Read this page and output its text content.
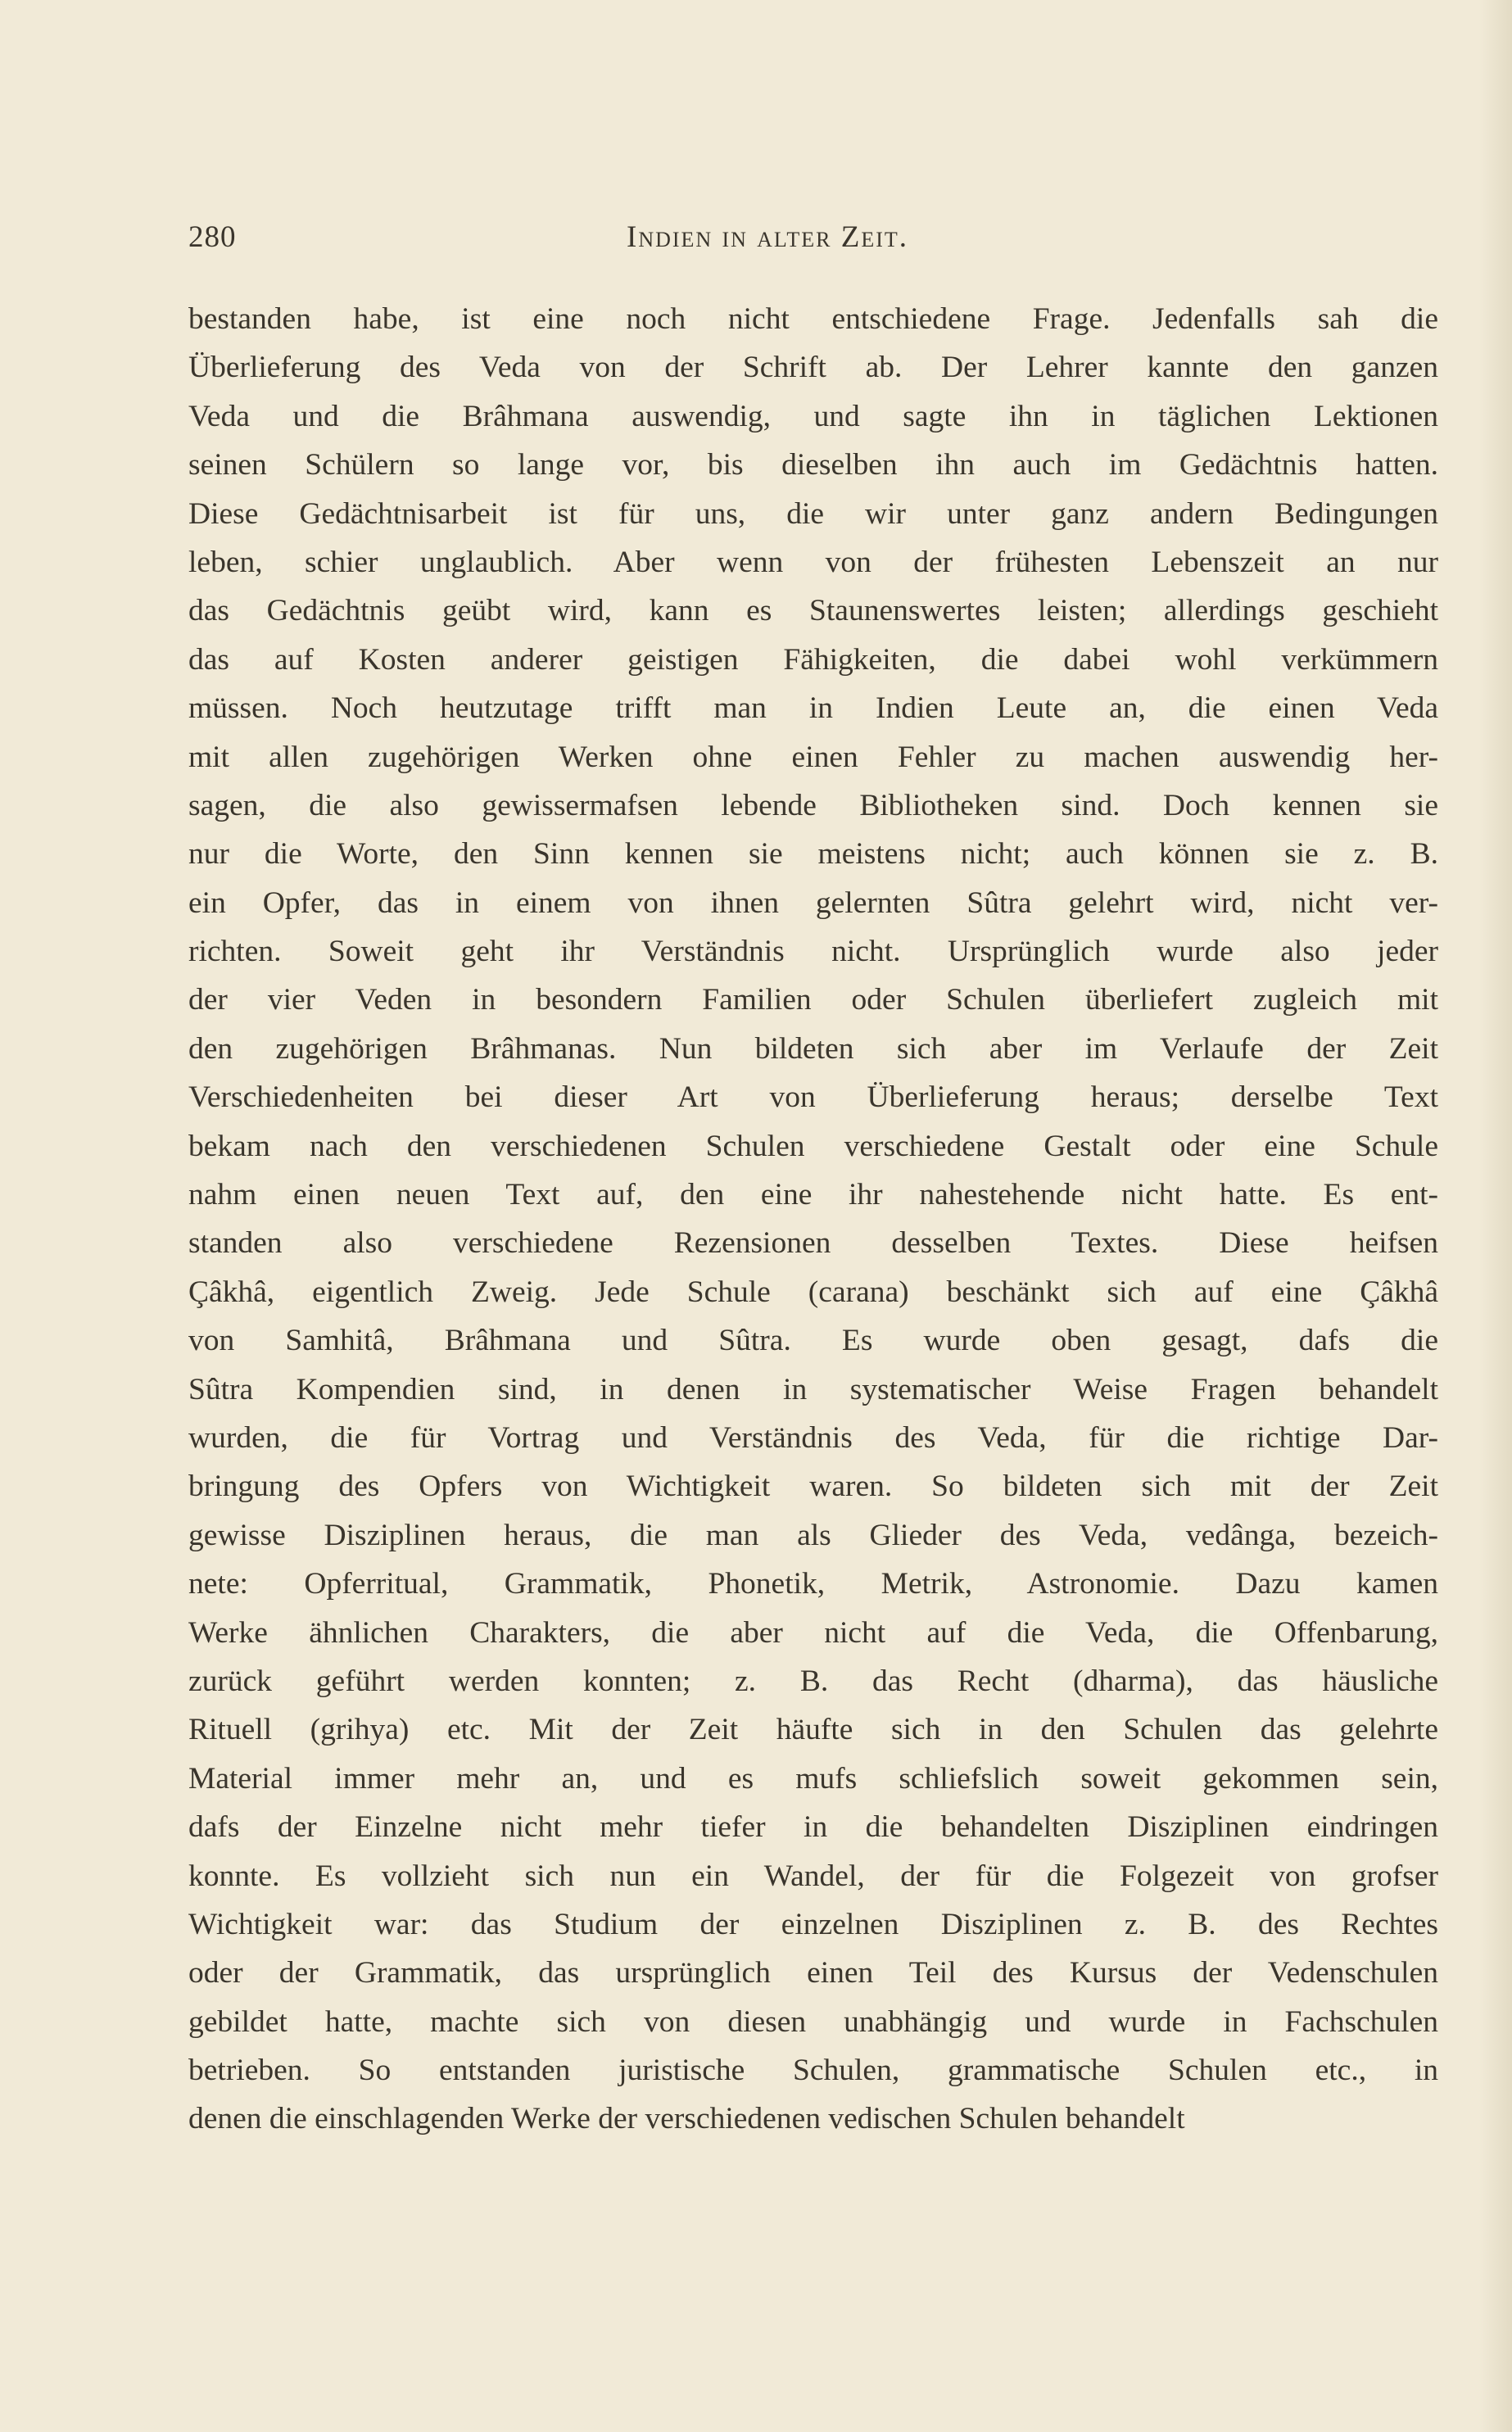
280	Indien in alter Zeit.
bestanden habe, ist eine noch nicht entschiedene Frage. Jedenfalls sah die
Überlieferung des Veda von der Schrift ab. Der Lehrer kannte den ganzen
Veda und die Brâhmana auswendig, und sagte ihn in täglichen Lektionen
seinen Schülern so lange vor, bis dieselben ihn auch im Gedächtnis hatten.
Diese Gedächtnisarbeit ist für uns, die wir unter ganz andern Bedingungen
leben, schier unglaublich. Aber wenn von der frühesten Lebenszeit an nur
das Gedächtnis geübt wird, kann es Staunenswertes leisten; allerdings geschieht
das auf Kosten anderer geistigen Fähigkeiten, die dabei wohl verkümmern
müssen. Noch heutzutage trifft man in Indien Leute an, die einen Veda
mit allen zugehörigen Werken ohne einen Fehler zu machen auswendig her-
sagen, die also gewissermafsen lebende Bibliotheken sind. Doch kennen sie
nur die Worte, den Sinn kennen sie meistens nicht; auch können sie z. B.
ein Opfer, das in einem von ihnen gelernten Sûtra gelehrt wird, nicht ver-
richten. Soweit geht ihr Verständnis nicht. Ursprünglich wurde also jeder
der vier Veden in besondern Familien oder Schulen überliefert zugleich mit
den zugehörigen Brâhmanas. Nun bildeten sich aber im Verlaufe der Zeit
Verschiedenheiten bei dieser Art von Überlieferung heraus; derselbe Text
bekam nach den verschiedenen Schulen verschiedene Gestalt oder eine Schule
nahm einen neuen Text auf, den eine ihr nahestehende nicht hatte. Es ent-
standen also verschiedene Rezensionen desselben Textes. Diese heifsen
Çâkhâ, eigentlich Zweig. Jede Schule (carana) beschänkt sich auf eine Çâkhâ
von Samhitâ, Brâhmana und Sûtra. Es wurde oben gesagt, dafs die
Sûtra Kompendien sind, in denen in systematischer Weise Fragen behandelt
wurden, die für Vortrag und Verständnis des Veda, für die richtige Dar-
bringung des Opfers von Wichtigkeit waren. So bildeten sich mit der Zeit
gewisse Disziplinen heraus, die man als Glieder des Veda, vedânga, bezeich-
nete: Opferritual, Grammatik, Phonetik, Metrik, Astronomie. Dazu kamen
Werke ähnlichen Charakters, die aber nicht auf die Veda, die Offenbarung,
zurück geführt werden konnten; z. B. das Recht (dharma), das häusliche
Rituell (grihya) etc. Mit der Zeit häufte sich in den Schulen das gelehrte
Material immer mehr an, und es mufs schliefslich soweit gekommen sein,
dafs der Einzelne nicht mehr tiefer in die behandelten Disziplinen eindringen
konnte. Es vollzieht sich nun ein Wandel, der für die Folgezeit von grofser
Wichtigkeit war: das Studium der einzelnen Disziplinen z. B. des Rechtes
oder der Grammatik, das ursprünglich einen Teil des Kursus der Vedenschulen
gebildet hatte, machte sich von diesen unabhängig und wurde in Fachschulen
betrieben. So entstanden juristische Schulen, grammatische Schulen etc., in
denen die einschlagenden Werke der verschiedenen vedischen Schulen behandelt
